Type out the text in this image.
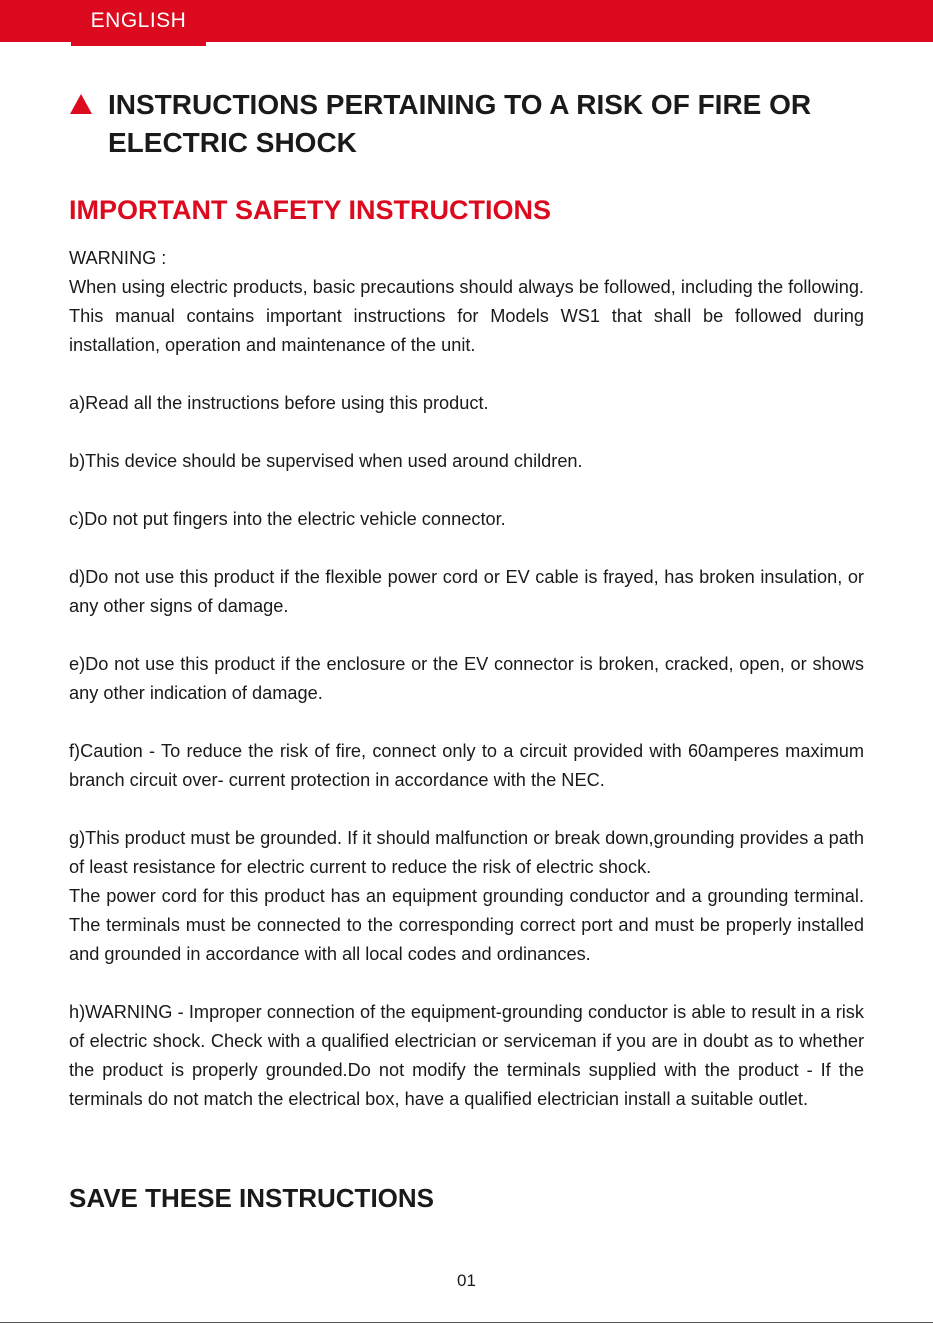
ENGLISH
INSTRUCTIONS PERTAINING TO A RISK OF FIRE OR ELECTRIC SHOCK
IMPORTANT SAFETY INSTRUCTIONS

WARNING :

When using electric products, basic precautions should always be followed, including the following. This manual contains important instructions for Models WS1 that shall be followed during installation, operation and maintenance of the unit.

a)Read all the instructions before using this product.

b)This device should be supervised when used around children.

c)Do not put fingers into the electric vehicle connector.

d)Do not use this product if the flexible power cord or EV cable is frayed, has broken insulation, or any other signs of damage.

e)Do not use this product if the enclosure or the EV connector is broken, cracked, open, or shows any other indication of damage.

f)Caution - To reduce the risk of fire, connect only to a circuit provided with 60amperes maximum branch circuit over- current protection in accordance with the NEC.

g)This product must be grounded. If it should malfunction or break down,grounding provides a path of least resistance for electric current to reduce the risk of electric shock.

The power cord for this product has an equipment grounding conductor and a grounding terminal. The terminals must be connected to the corresponding correct port and must be properly installed and grounded in accordance with all local codes and ordinances.

h)WARNING - Improper connection of the equipment-grounding conductor is able to result in a risk of electric shock. Check with a qualified electrician or serviceman if you are in doubt as to whether the product is properly grounded.Do not modify the terminals supplied with the product - If the terminals do not match the electrical box, have a qualified electrician install a suitable outlet.

SAVE THESE INSTRUCTIONS
01
